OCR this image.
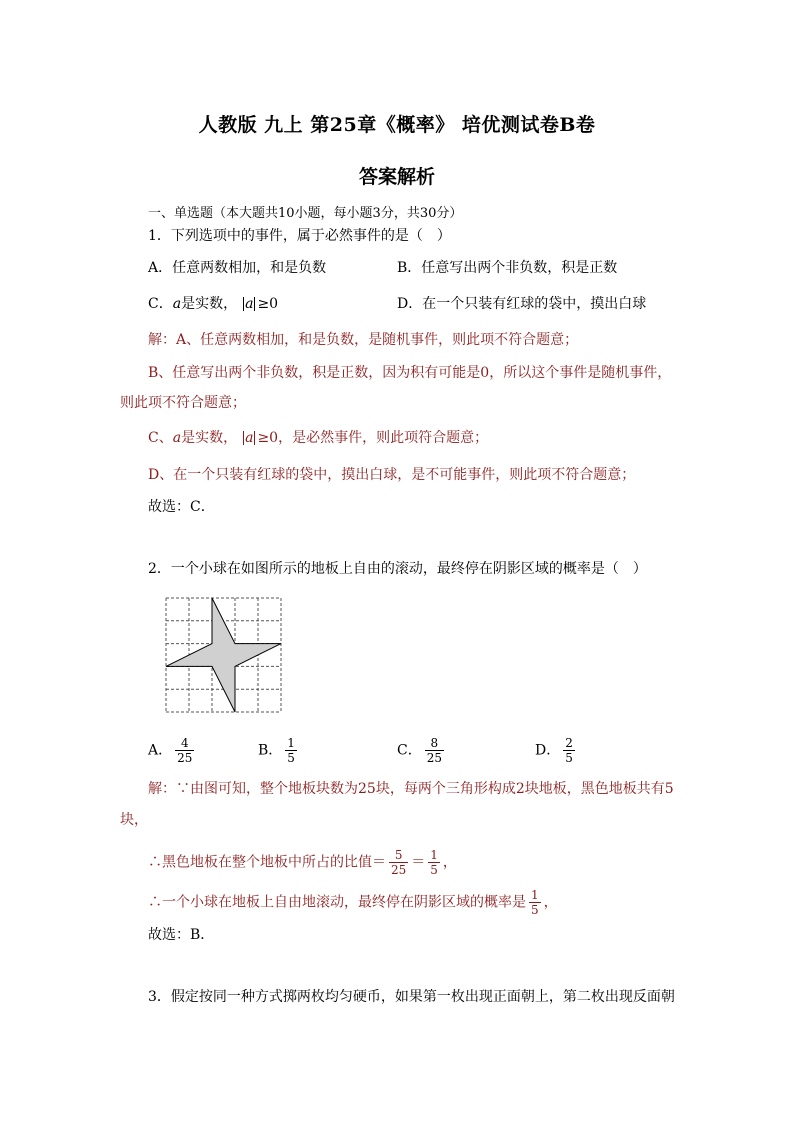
人教版 九上 第25章《概率》 培优测试卷B卷
答案解析
一、单选题（本大题共10小题，每小题3分，共30分）
1．下列选项中的事件，属于必然事件的是（　）
A．任意两数相加，和是负数	B．任意写出两个非负数，积是正数
C．a是实数， a ≥0	D．在一个只装有红球的袋中，摸出白球
解：A、任意两数相加，和是负数，是随机事件，则此项不符合题意；
B、任意写出两个非负数，积是正数，因为积有可能是0，所以这个事件是随机事件，
则此项不符合题意；
C、a是实数， a ≥0，是必然事件，则此项符合题意；
D、在一个只装有红球的袋中，摸出白球，是不可能事件，则此项不符合题意；
故选：C．
2．一个小球在如图所示的地板上自由的滚动，最终停在阴影区域的概率是（　）
A． $\frac{4}{25}$	B． $\frac{1}{5}$	C． $\frac{8}{25}$	D． $\frac{2}{5}$
解：∵由图可知，整个地板块数为25块，每两个三角形构成2块地板，黑色地板共有5
块，
∴黑色地板在整个地板中所占的比值＝ $\frac{5}{25} = \frac{1}{5}$ ，
∴一个小球在地板上自由地滚动，最终停在阴影区域的概率是 $\frac{1}{5}$ ，
故选：B．
3．假定按同一种方式掷两枚均匀硬币，如果第一枚出现正面朝上，第二枚出现反面朝
